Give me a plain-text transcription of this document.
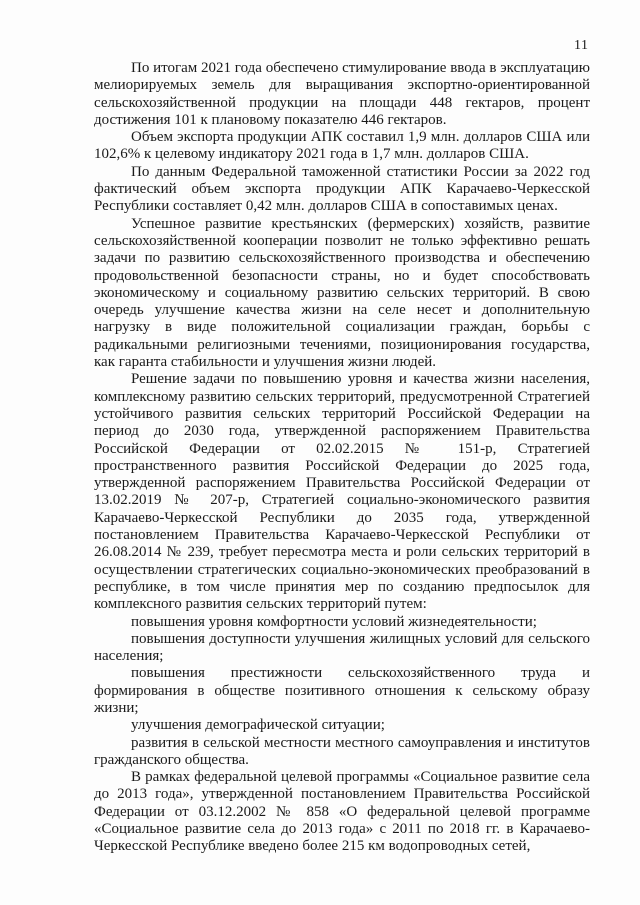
11

По итогам 2021 года обеспечено стимулирование ввода в эксплуатацию мелиорируемых земель для выращивания экспортно-ориентированной сельскохозяйственной продукции на площади 448 гектаров, процент достижения 101 к плановому показателю 446 гектаров.

Объем экспорта продукции АПК составил 1,9 млн. долларов США или 102,6% к целевому индикатору 2021 года в 1,7 млн. долларов США.

По данным Федеральной таможенной статистики России за 2022 год фактический объем экспорта продукции АПК Карачаево-Черкесской Республики составляет 0,42 млн. долларов США в сопоставимых ценах.

Успешное развитие крестьянских (фермерских) хозяйств, развитие сельскохозяйственной кооперации позволит не только эффективно решать задачи по развитию сельскохозяйственного производства и обеспечению продовольственной безопасности страны, но и будет способствовать экономическому и социальному развитию сельских территорий. В свою очередь улучшение качества жизни на селе несет и дополнительную нагрузку в виде положительной социализации граждан, борьбы с радикальными религиозными течениями, позиционирования государства, как гаранта стабильности и улучшения жизни людей.

Решение задачи по повышению уровня и качества жизни населения, комплексному развитию сельских территорий, предусмотренной Стратегией устойчивого развития сельских территорий Российской Федерации на период до 2030 года, утвержденной распоряжением Правительства Российской Федерации от 02.02.2015 № 151-р, Стратегией пространственного развития Российской Федерации до 2025 года, утвержденной распоряжением Правительства Российской Федерации от 13.02.2019 № 207-р, Стратегией социально-экономического развития Карачаево-Черкесской Республики до 2035 года, утвержденной постановлением Правительства Карачаево-Черкесской Республики от 26.08.2014 № 239, требует пересмотра места и роли сельских территорий в осуществлении стратегических социально-экономических преобразований в республике, в том числе принятия мер по созданию предпосылок для комплексного развития сельских территорий путем:

повышения уровня комфортности условий жизнедеятельности;

повышения доступности улучшения жилищных условий для сельского населения;

повышения престижности сельскохозяйственного труда и формирования в обществе позитивного отношения к сельскому образу жизни;

улучшения демографической ситуации;

развития в сельской местности местного самоуправления и институтов гражданского общества.

В рамках федеральной целевой программы «Социальное развитие села до 2013 года», утвержденной постановлением Правительства Российской Федерации от 03.12.2002 № 858 «О федеральной целевой программе «Социальное развитие села до 2013 года» с 2011 по 2018 гг. в Карачаево-Черкесской Республике введено более 215 км водопроводных сетей,
